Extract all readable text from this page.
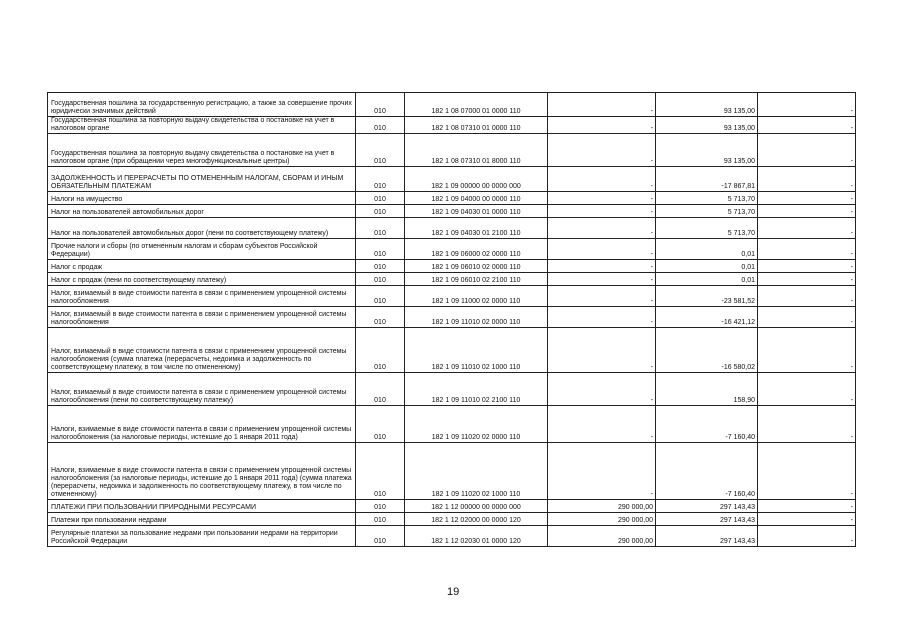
Государственная пошлина за государственную регистрацию, а также за совершение прочих юридически значимых действий	010	182 1 08 07000 01 0000 110	-	93 135,00	-
Государственная пошлина за повторную выдачу свидетельства о постановке на учет в налоговом органе	010	182 1 08 07310 01 0000 110	-	93 135,00	-
Государственная пошлина за повторную выдачу свидетельства о постановке на учет в налоговом органе (при обращении через многофункциональные центры)	010	182 1 08 07310 01 8000 110	-	93 135,00	-
ЗАДОЛЖЕННОСТЬ И ПЕРЕРАСЧЕТЫ ПО ОТМЕНЕННЫМ НАЛОГАМ, СБОРАМ И ИНЫМ ОБЯЗАТЕЛЬНЫМ ПЛАТЕЖАМ	010	182 1 09 00000 00 0000 000	-	-17 867,81	-
Налоги на имущество	010	182 1 09 04000 00 0000 110	-	5 713,70	-
Налог на пользователей автомобильных дорог	010	182 1 09 04030 01 0000 110	-	5 713,70	-
Налог на пользователей автомобильных дорог (пени по соответствующему платежу)	010	182 1 09 04030 01 2100 110	-	5 713,70	-
Прочие налоги и сборы (по отмененным налогам и сборам субъектов Российской Федерации)	010	182 1 09 06000 02 0000 110	-	0,01	-
Налог с продаж	010	182 1 09 06010 02 0000 110	-	0,01	-
Налог с продаж (пени по соответствующему платежу)	010	182 1 09 06010 02 2100 110	-	0,01	-
Налог, взимаемый в виде стоимости патента в связи с применением упрощенной системы налогообложения	010	182 1 09 11000 02 0000 110	-	-23 581,52	-
Налог, взимаемый в виде стоимости патента в связи с применением упрощенной системы налогообложения	010	182 1 09 11010 02 0000 110	-	-16 421,12	-
Налог, взимаемый в виде стоимости патента в связи с применением упрощенной системы налогообложения (сумма платежа (перерасчеты, недоимка и задолженность по соответствующему платежу, в том числе по отмененному)	010	182 1 09 11010 02 1000 110	-	-16 580,02	-
Налог, взимаемый в виде стоимости патента в связи с применением упрощенной системы налогообложения (пени по соответствующему платежу)	010	182 1 09 11010 02 2100 110	-	158,90	-
Налоги, взимаемые в виде стоимости патента в связи с применением упрощенной системы налогообложения (за налоговые периоды, истекшие до 1 января 2011 года)	010	182 1 09 11020 02 0000 110	-	-7 160,40	-
Налоги, взимаемые в виде стоимости патента в связи с применением упрощенной системы налогообложения (за налоговые периоды, истекшие до 1 января 2011 года) (сумма платежа (перерасчеты, недоимка и задолженность по соответствующему платежу, в том числе по отмененному)	010	182 1 09 11020 02 1000 110	-	-7 160,40	-
ПЛАТЕЖИ ПРИ ПОЛЬЗОВАНИИ ПРИРОДНЫМИ РЕСУРСАМИ	010	182 1 12 00000 00 0000 000	290 000,00	297 143,43	-
Платежи при пользовании недрами	010	182 1 12 02000 00 0000 120	290 000,00	297 143,43	-
Регулярные платежи за пользование недрами при пользовании недрами на территории Российской Федерации	010	182 1 12 02030 01 0000 120	290 000,00	297 143,43	-
19
